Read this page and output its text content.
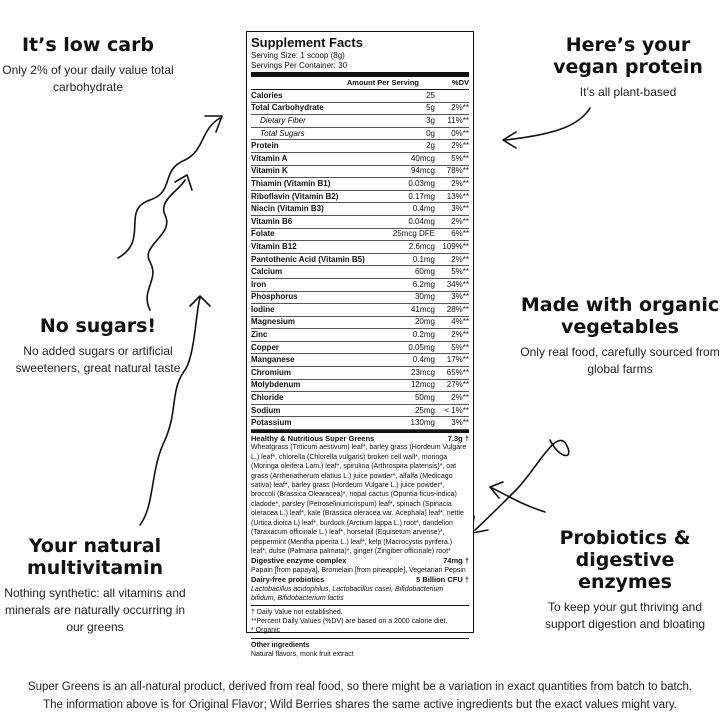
It’s low carb

Only 2% of your daily value total carbohydrate

Here’s your vegan protein

It’s all plant-based

No sugars!

No added sugars or artificial sweeteners, great natural taste

Made with organic vegetables

Only real food, carefully sourced from global farms

Your natural multivitamin

Nothing synthetic: all vitamins and minerals are naturally occurring in our greens

Probiotics & digestive enzymes

To keep your gut thriving and support digestion and bloating

Supplement Facts
Serving Size: 1 scoop (8g)
Servings Per Container: 30
Amount Per Serving	%DV
Calories	25
Total Carbohydrate	5g	2%**
Dietary Fiber	3g	11%**
Total Sugars	0g	0%**
Protein	2g	2%**
Vitamin A	40mcg	5%**
Vitamin K	94mcg	78%**
Thiamin (Vitamin B1)	0.03mg	2%**
Riboflavin (Vitamin B2)	0.17mg	13%**
Niacin (Vitamin B3)	0.4mg	3%**
Vitamin B6	0.04mg	2%**
Folate	25mcg DFE	6%**
Vitamin B12	2.6mcg 109%**
Pantothenic Acid (Vitamin B5)	0.1mg	2%**
Calcium	60mg	5%**
Iron	6.2mg	34%**
Phosphorus	30mg	3%**
Iodine	41mcg	28%**
Magnesium	20mg	4%**
Zinc	0.2mg	2%**
Copper	0.05mg	5%**
Manganese	0.4mg	17%**
Chromium	23mcg	65%**
Molybdenum	12mcg	27%**
Chloride	50mg	2%**
Sodium	25mg	< 1%**
Potassium	130mg	3%**
Healthy & Nutritious Super Greens	7.3g †

Wheatgrass (Triticum aestivum) leaf*, barley grass (Hordeum Vulgare L.) leaf*, chlorella (Chlorella vulgaris) broken cell wall*, moringa (Moringa oleifera Lam.) leaf*, spirulina (Arthrospira platensis)*, oat grass (Arrhenatherum elatius L.) juice powder*, alfalfa (Medicago sativa) leaf*, barley grass (Hordeum Vulgare L.) juice powder*, broccoli (Brassica Olearacea)*, nopal cactus (Opuntia ficus-indica) cladode*, parsley (Petroselinumcrispum) leaf*, spinach (Spinacia oleracea L.) leaf*, kale (Brassica oleracea var. Acephala) leaf*, nettle (Urtica dioica L) leaf*, burdock (Arctium lappa L.) root*, dandelion (Taraxacum officinale L.) leaf*, horsetail (Equisetum arvense)*, peppermint (Mentha piperita L.) leaf*, kelp (Macrocystis pyrifera.) leaf*, dulse (Palmaria palmata)*, ginger (Zingiber officinale) root*

Digestive enzyme complex	74mg †

Papain [from papaya], Bromelain [from pineapple], Vegetarian Pepsin

Dairy-free probiotics	5 Billion CFU †

Lactobacillus acidophilus, Lactobacillus casei, Bifidobacterium bifidum, Bifidobacterium lactis

† Daily Value not established.

**Percent Daily Values (%DV) are based on a 2000 calorie diet.

* Organic

Other ingredients
Natural flavors, monk fruit extract

Super Greens is an all-natural product, derived from real food, so there might be a variation in exact quantities from batch to batch.

The information above is for Original Flavor; Wild Berries shares the same active ingredients but the exact values might vary.
